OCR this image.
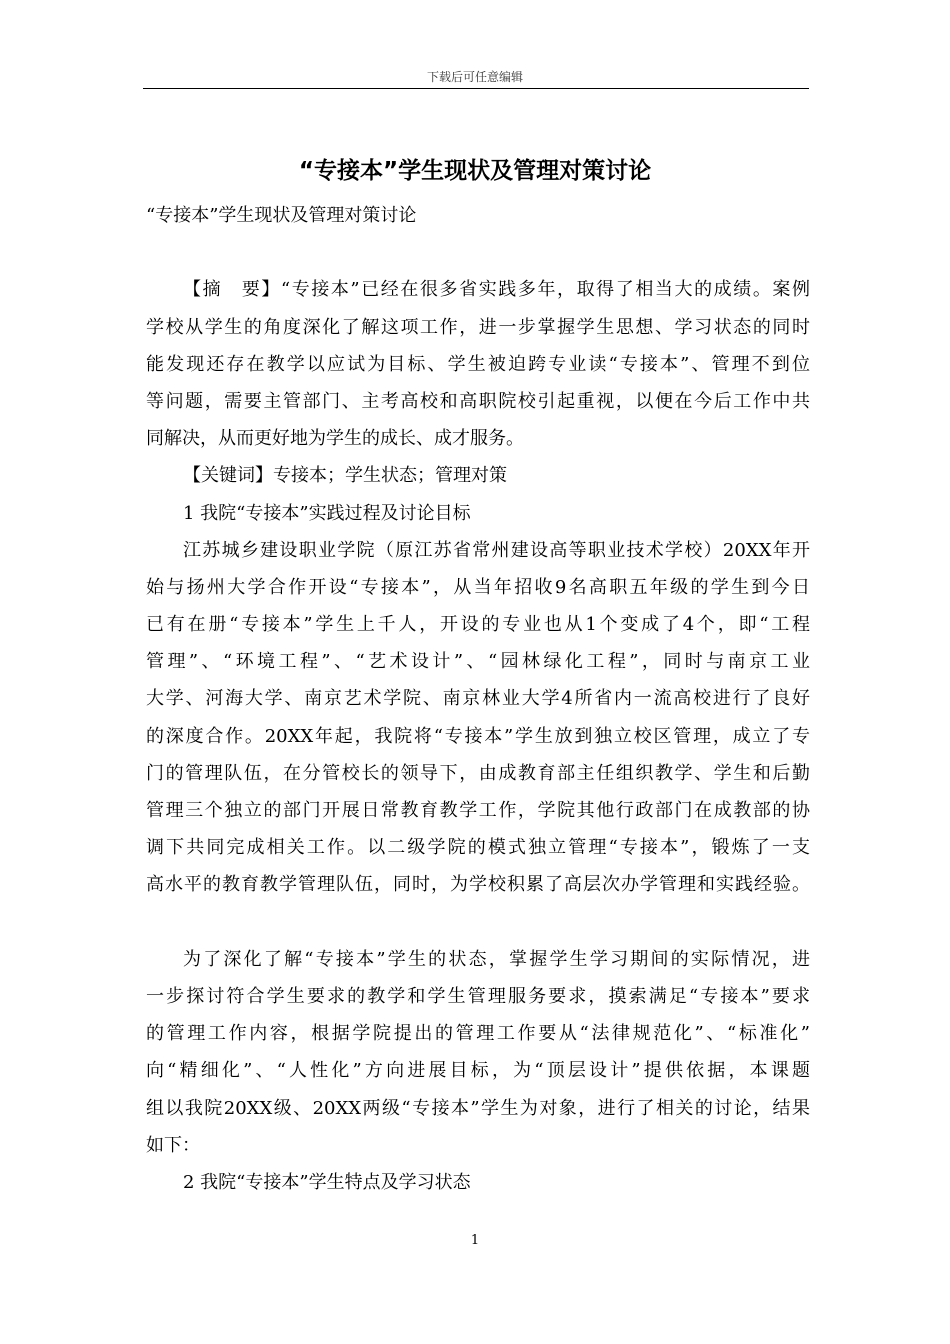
下载后可任意编辑
“专接本”学生现状及管理对策讨论
“专接本”学生现状及管理对策讨论
【摘　要】“专接本”已经在很多省实践多年，取得了相当大的成绩。案例
学校从学生的角度深化了解这项工作，进一步掌握学生思想、学习状态的同时
能发现还存在教学以应试为目标、学生被迫跨专业读“专接本”、管理不到位
等问题，需要主管部门、主考高校和高职院校引起重视，以便在今后工作中共
同解决，从而更好地为学生的成长、成才服务。
【关键词】专接本；学生状态；管理对策
1 我院“专接本”实践过程及讨论目标
江苏城乡建设职业学院（原江苏省常州建设高等职业技术学校）20XX年开
始与扬州大学合作开设“专接本”，从当年招收9名高职五年级的学生到今日
已有在册“专接本”学生上千人，开设的专业也从1个变成了4个，即“工程
管理”、“环境工程”、“艺术设计”、“园林绿化工程”，同时与南京工业
大学、河海大学、南京艺术学院、南京林业大学4所省内一流高校进行了良好
的深度合作。20XX年起，我院将“专接本”学生放到独立校区管理，成立了专
门的管理队伍，在分管校长的领导下，由成教育部主任组织教学、学生和后勤
管理三个独立的部门开展日常教育教学工作，学院其他行政部门在成教部的协
调下共同完成相关工作。以二级学院的模式独立管理“专接本”，锻炼了一支
高水平的教育教学管理队伍，同时，为学校积累了高层次办学管理和实践经验。
为了深化了解“专接本”学生的状态，掌握学生学习期间的实际情况，进
一步探讨符合学生要求的教学和学生管理服务要求，摸索满足“专接本”要求
的管理工作内容，根据学院提出的管理工作要从“法律规范化”、“标准化”
向“精细化”、“人性化”方向进展目标，为“顶层设计”提供依据，本课题
组以我院20XX级、20XX两级“专接本”学生为对象，进行了相关的讨论，结果
如下：
2 我院“专接本”学生特点及学习状态
1
